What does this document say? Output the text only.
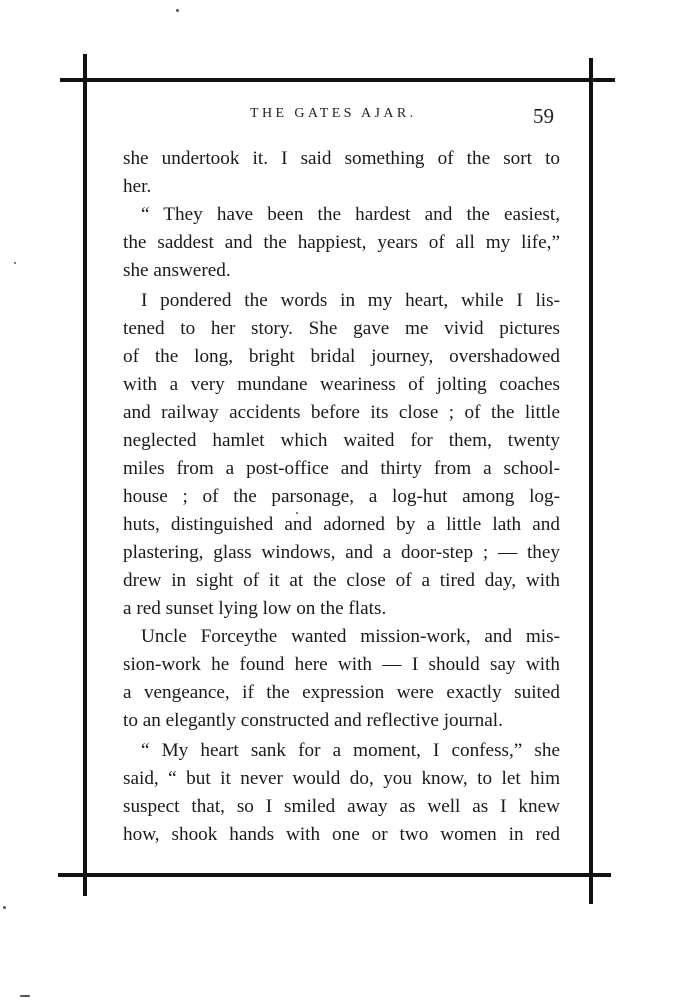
THE GATES AJAR.	59
she undertook it. I said something of the sort to
her.
“ They have been the hardest and the easiest,
the saddest and the happiest, years of all my life,”
she answered.
I pondered the words in my heart, while I lis-
tened to her story. She gave me vivid pictures
of the long, bright bridal journey, overshadowed
with a very mundane weariness of jolting coaches
and railway accidents before its close ; of the little
neglected hamlet which waited for them, twenty
miles from a post-office and thirty from a school-
house ; of the parsonage, a log-hut among log-
huts, distinguished and adorned by a little lath and
plastering, glass windows, and a door-step ; — they
drew in sight of it at the close of a tired day, with
a red sunset lying low on the flats.
Uncle Forceythe wanted mission-work, and mis-
sion-work he found here with — I should say with
a vengeance, if the expression were exactly suited
to an elegantly constructed and reflective journal.
“ My heart sank for a moment, I confess,” she
said, “ but it never would do, you know, to let him
suspect that, so I smiled away as well as I knew
how, shook hands with one or two women in red
